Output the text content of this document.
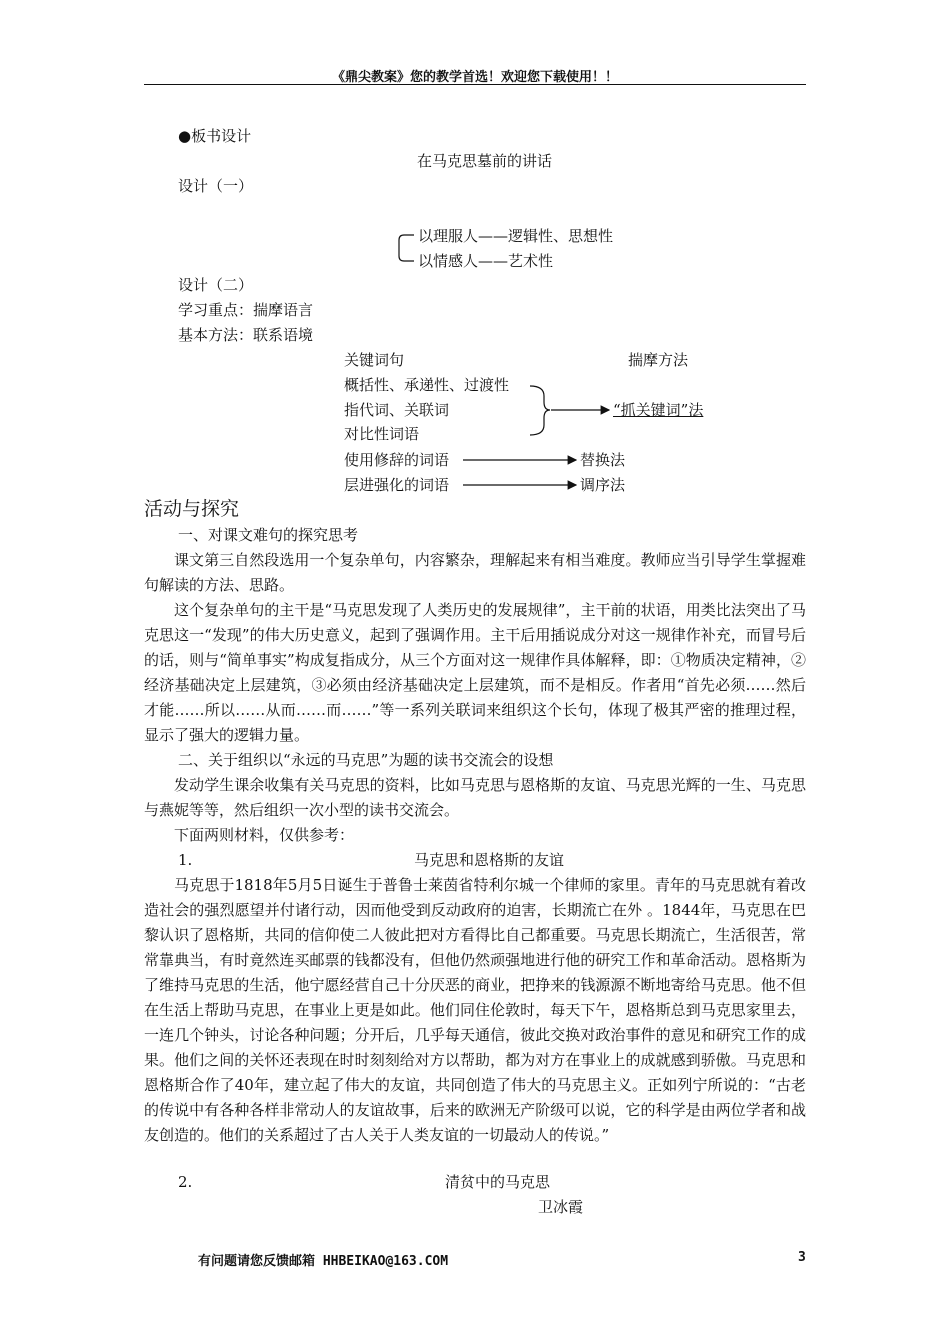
《鼎尖教案》您的教学首选！欢迎您下载使用！！
●板书设计
在马克思墓前的讲话
设计（一）
以理服人——逻辑性、思想性
以情感人——艺术性
设计（二）
学习重点：揣摩语言
基本方法：联系语境
关键词句	揣摩方法
概括性、承递性、过渡性
指代词、关联词
对比性词语
“抓关键词”法
使用修辞的词语	替换法
层进强化的词语	调序法
活动与探究
一、对课文难句的探究思考
课文第三自然段选用一个复杂单句，内容繁杂，理解起来有相当难度。教师应当引导学生掌握难句解读的方法、思路。
这个复杂单句的主干是“马克思发现了人类历史的发展规律”，主干前的状语，用类比法突出了马克思这一“发现”的伟大历史意义，起到了强调作用。主干后用插说成分对这一规律作补充，而冒号后的话，则与“简单事实”构成复指成分，从三个方面对这一规律作具体解释，即：①物质决定精神，②经济基础决定上层建筑，③必须由经济基础决定上层建筑，而不是相反。作者用“首先必须……然后才能……所以……从而……而……”等一系列关联词来组织这个长句，体现了极其严密的推理过程，显示了强大的逻辑力量。
二、关于组织以“永远的马克思”为题的读书交流会的设想
发动学生课余收集有关马克思的资料，比如马克思与恩格斯的友谊、马克思光辉的一生、马克思与燕妮等等，然后组织一次小型的读书交流会。
下面两则材料，仅供参考：
1.	马克思和恩格斯的友谊
马克思于1818年5月5日诞生于普鲁士莱茵省特利尔城一个律师的家里。青年的马克思就有着改造社会的强烈愿望并付诸行动，因而他受到反动政府的迫害，长期流亡在外 。1844年，马克思在巴黎认识了恩格斯，共同的信仰使二人彼此把对方看得比自己都重要。马克思长期流亡，生活很苦，常常靠典当，有时竟然连买邮票的钱都没有，但他仍然顽强地进行他的研究工作和革命活动。恩格斯为了维持马克思的生活，他宁愿经营自己十分厌恶的商业，把挣来的钱源源不断地寄给马克思。他不但在生活上帮助马克思，在事业上更是如此。他们同住伦敦时，每天下午，恩格斯总到马克思家里去，一连几个钟头，讨论各种问题；分开后，几乎每天通信，彼此交换对政治事件的意见和研究工作的成果。他们之间的关怀还表现在时时刻刻给对方以帮助，都为对方在事业上的成就感到骄傲。马克思和恩格斯合作了40年，建立起了伟大的友谊，共同创造了伟大的马克思主义。正如列宁所说的：“古老的传说中有各种各样非常动人的友谊故事，后来的欧洲无产阶级可以说，它的科学是由两位学者和战友创造的。他们的关系超过了古人关于人类友谊的一切最动人的传说。”
2.	清贫中的马克思
卫冰霞
有问题请您反馈邮箱 HHBEIKAO@163.COM	3
